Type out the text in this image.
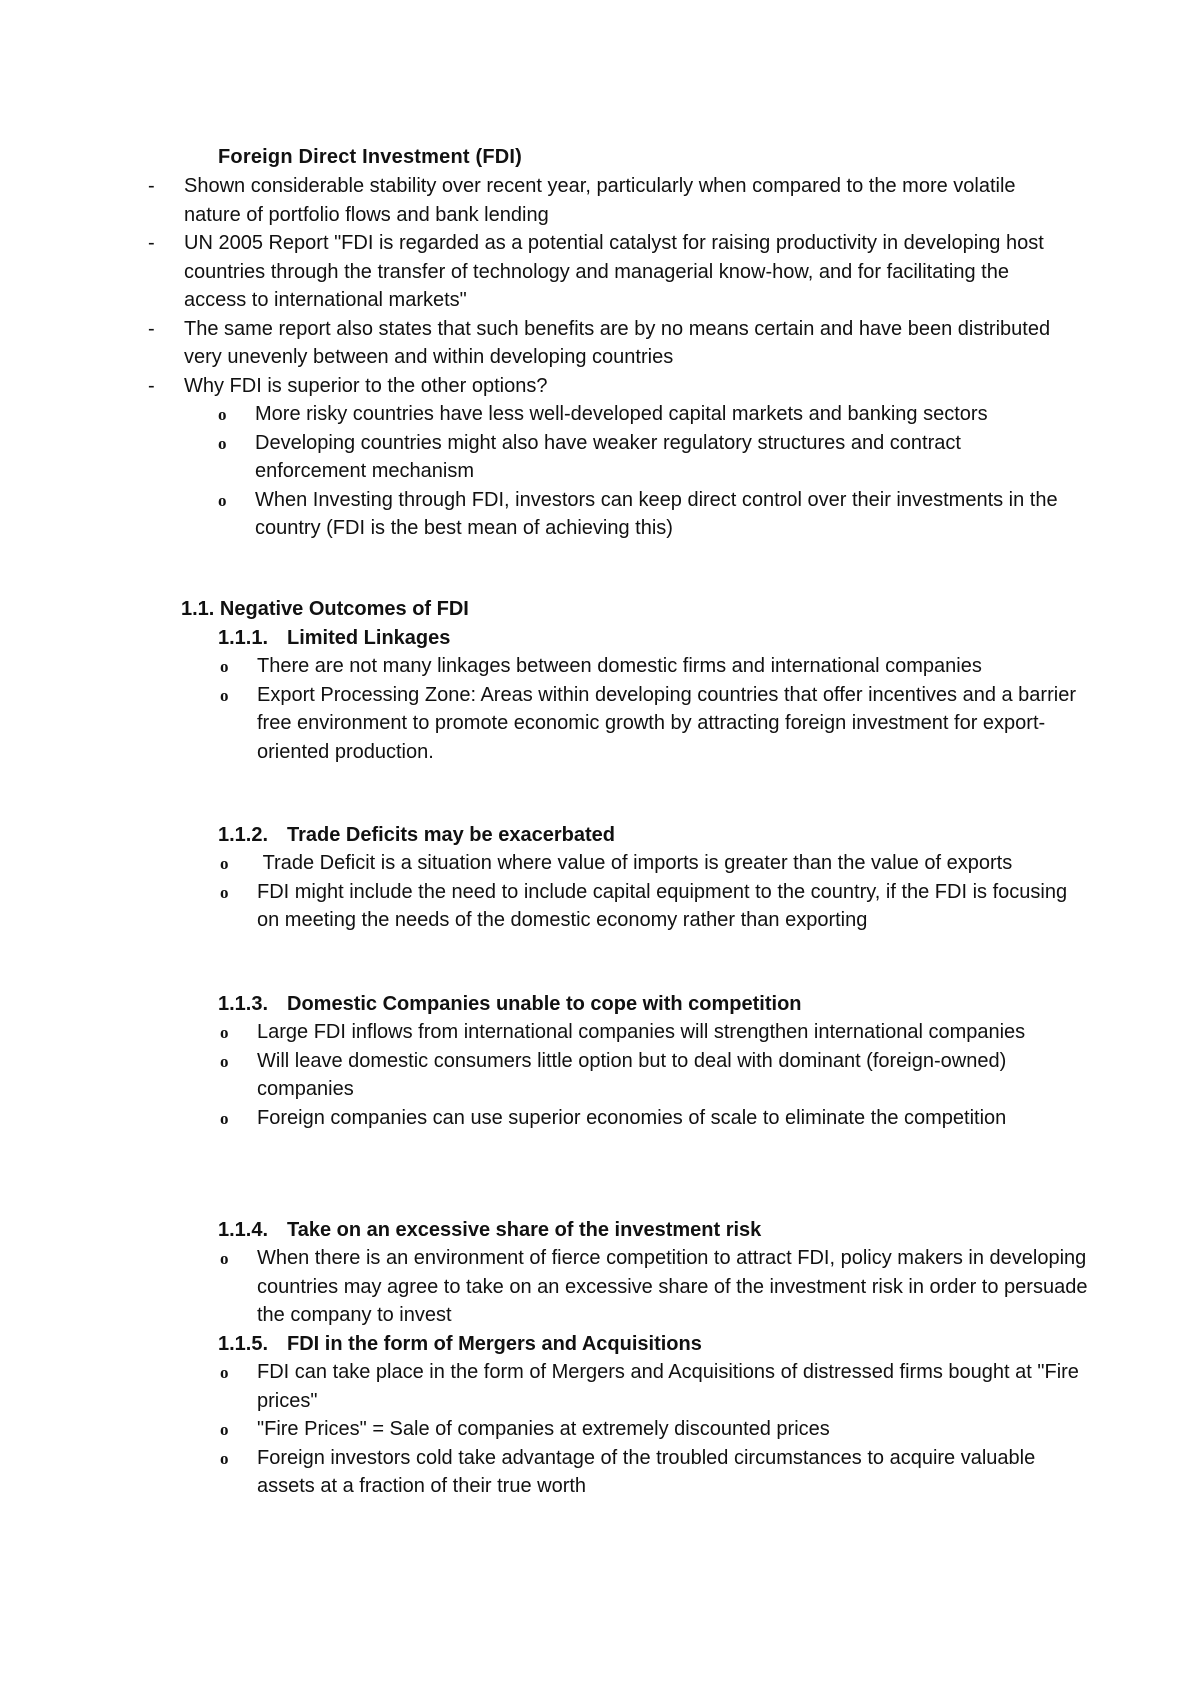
Foreign Direct Investment (FDI)
- Shown considerable stability over recent year, particularly when compared to the more volatile nature of portfolio flows and bank lending
- UN 2005 Report "FDI is regarded as a potential catalyst for raising productivity in developing host countries through the transfer of technology and managerial know-how, and for facilitating the access to international markets"
- The same report also states that such benefits are by no means certain and have been distributed very unevenly between and within developing countries
- Why FDI is superior to the other options?
o More risky countries have less well-developed capital markets and banking sectors
o Developing countries might also have weaker regulatory structures and contract enforcement mechanism
o When Investing through FDI, investors can keep direct control over their investments in the country (FDI is the best mean of achieving this)
1.1. Negative Outcomes of FDI
1.1.1. Limited Linkages
o There are not many linkages between domestic firms and international companies
o Export Processing Zone: Areas within developing countries that offer incentives and a barrier free environment to promote economic growth by attracting foreign investment for export-oriented production.
1.1.2. Trade Deficits may be exacerbated
o Trade Deficit is a situation where value of imports is greater than the value of exports
o FDI might include the need to include capital equipment to the country, if the FDI is focusing on meeting the needs of the domestic economy rather than exporting
1.1.3. Domestic Companies unable to cope with competition
o Large FDI inflows from international companies will strengthen international companies
o Will leave domestic consumers little option but to deal with dominant (foreign-owned) companies
o Foreign companies can use superior economies of scale to eliminate the competition
1.1.4. Take on an excessive share of the investment risk
o When there is an environment of fierce competition to attract FDI, policy makers in developing countries may agree to take on an excessive share of the investment risk in order to persuade the company to invest
1.1.5. FDI in the form of Mergers and Acquisitions
o FDI can take place in the form of Mergers and Acquisitions of distressed firms bought at "Fire prices"
o "Fire Prices" = Sale of companies at extremely discounted prices
o Foreign investors cold take advantage of the troubled circumstances to acquire valuable assets at a fraction of their true worth
